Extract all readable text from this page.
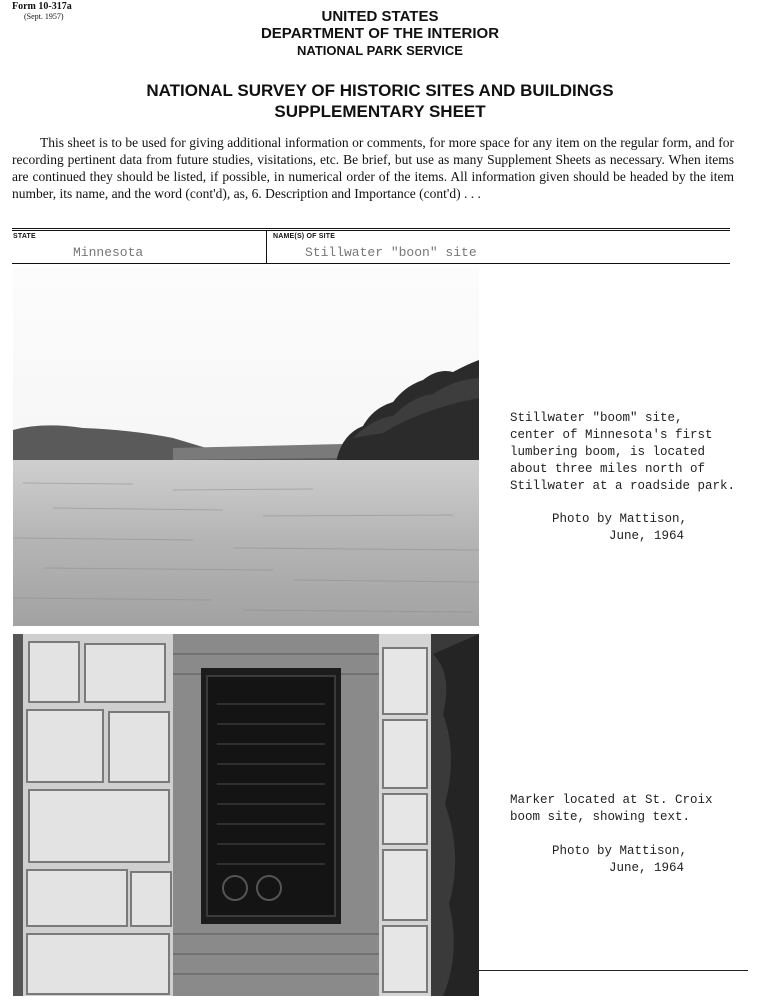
Form 10-317a
(Sept. 1957)	UNITED STATES
DEPARTMENT OF THE INTERIOR
NATIONAL PARK SERVICE
NATIONAL SURVEY OF HISTORIC SITES AND BUILDINGS
SUPPLEMENTARY SHEET

This sheet is to be used for giving additional information or comments, for more space for any item on the regular form, and for recording pertinent data from future studies, visitations, etc. Be brief, but use as many Supplement Sheets as necessary. When items are continued they should be listed, if possible, in numerical order of the items. All information given should be headed by the item number, its name, and the word (cont'd), as, 6. Description and Importance (cont'd) . . .

STATE
Minnesota
NAME(S) OF SITE
Stillwater "boon" site
Stillwater "boom" site,
center of Minnesota's first
lumbering boom, is located
about three miles north of
Stillwater at a roadside park.
Photo by Mattison,
June, 1964
Marker located at St. Croix
boom site, showing text.
Photo by Mattison,
June, 1964
